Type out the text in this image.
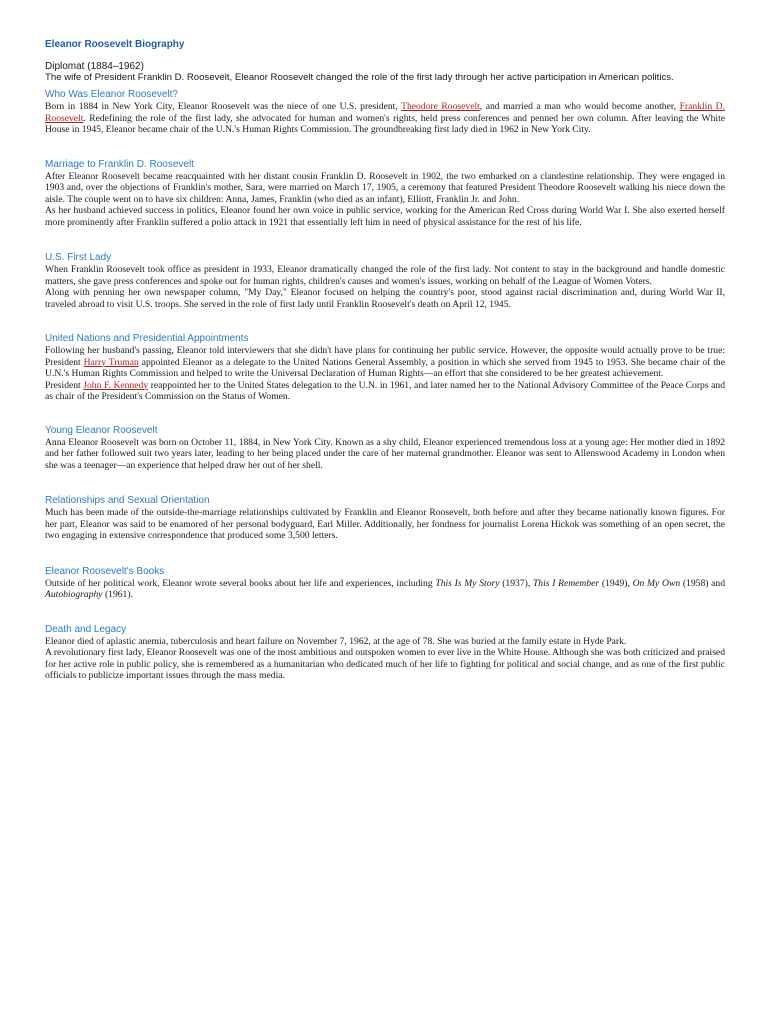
Eleanor Roosevelt Biography
Diplomat (1884–1962)
The wife of President Franklin D. Roosevelt, Eleanor Roosevelt changed the role of the first lady through her active participation in American politics.
Who Was Eleanor Roosevelt?

Born in 1884 in New York City, Eleanor Roosevelt was the niece of one U.S. president, Theodore Roosevelt, and married a man who would become another, Franklin D. Roosevelt. Redefining the role of the first lady, she advocated for human and women's rights, held press conferences and penned her own column. After leaving the White House in 1945, Eleanor became chair of the U.N.'s Human Rights Commission. The groundbreaking first lady died in 1962 in New York City.

Marriage to Franklin D. Roosevelt

After Eleanor Roosevelt became reacquainted with her distant cousin Franklin D. Roosevelt in 1902, the two embarked on a clandestine relationship. They were engaged in 1903 and, over the objections of Franklin's mother, Sara, were married on March 17, 1905, a ceremony that featured President Theodore Roosevelt walking his niece down the aisle. The couple went on to have six children: Anna, James, Franklin (who died as an infant), Elliott, Franklin Jr. and John.

As her husband achieved success in politics, Eleanor found her own voice in public service, working for the American Red Cross during World War I. She also exerted herself more prominently after Franklin suffered a polio attack in 1921 that essentially left him in need of physical assistance for the rest of his life.

U.S. First Lady

When Franklin Roosevelt took office as president in 1933, Eleanor dramatically changed the role of the first lady. Not content to stay in the background and handle domestic matters, she gave press conferences and spoke out for human rights, children's causes and women's issues, working on behalf of the League of Women Voters.

Along with penning her own newspaper column, "My Day," Eleanor focused on helping the country's poor, stood against racial discrimination and, during World War II, traveled abroad to visit U.S. troops. She served in the role of first lady until Franklin Roosevelt's death on April 12, 1945.

United Nations and Presidential Appointments

Following her husband's passing, Eleanor told interviewers that she didn't have plans for continuing her public service. However, the opposite would actually prove to be true: President Harry Truman appointed Eleanor as a delegate to the United Nations General Assembly, a position in which she served from 1945 to 1953. She became chair of the U.N.'s Human Rights Commission and helped to write the Universal Declaration of Human Rights—an effort that she considered to be her greatest achievement.

President John F. Kennedy reappointed her to the United States delegation to the U.N. in 1961, and later named her to the National Advisory Committee of the Peace Corps and as chair of the President's Commission on the Status of Women.

Young Eleanor Roosevelt

Anna Eleanor Roosevelt was born on October 11, 1884, in New York City. Known as a shy child, Eleanor experienced tremendous loss at a young age: Her mother died in 1892 and her father followed suit two years later, leading to her being placed under the care of her maternal grandmother. Eleanor was sent to Allenswood Academy in London when she was a teenager—an experience that helped draw her out of her shell.

Relationships and Sexual Orientation

Much has been made of the outside-the-marriage relationships cultivated by Franklin and Eleanor Roosevelt, both before and after they became nationally known figures. For her part, Eleanor was said to be enamored of her personal bodyguard, Earl Miller. Additionally, her fondness for journalist Lorena Hickok was something of an open secret, the two engaging in extensive correspondence that produced some 3,500 letters.

Eleanor Roosevelt's Books

Outside of her political work, Eleanor wrote several books about her life and experiences, including This Is My Story (1937), This I Remember (1949), On My Own (1958) and Autobiography (1961).

Death and Legacy

Eleanor died of aplastic anemia, tuberculosis and heart failure on November 7, 1962, at the age of 78. She was buried at the family estate in Hyde Park.

A revolutionary first lady, Eleanor Roosevelt was one of the most ambitious and outspoken women to ever live in the White House. Although she was both criticized and praised for her active role in public policy, she is remembered as a humanitarian who dedicated much of her life to fighting for political and social change, and as one of the first public officials to publicize important issues through the mass media.
